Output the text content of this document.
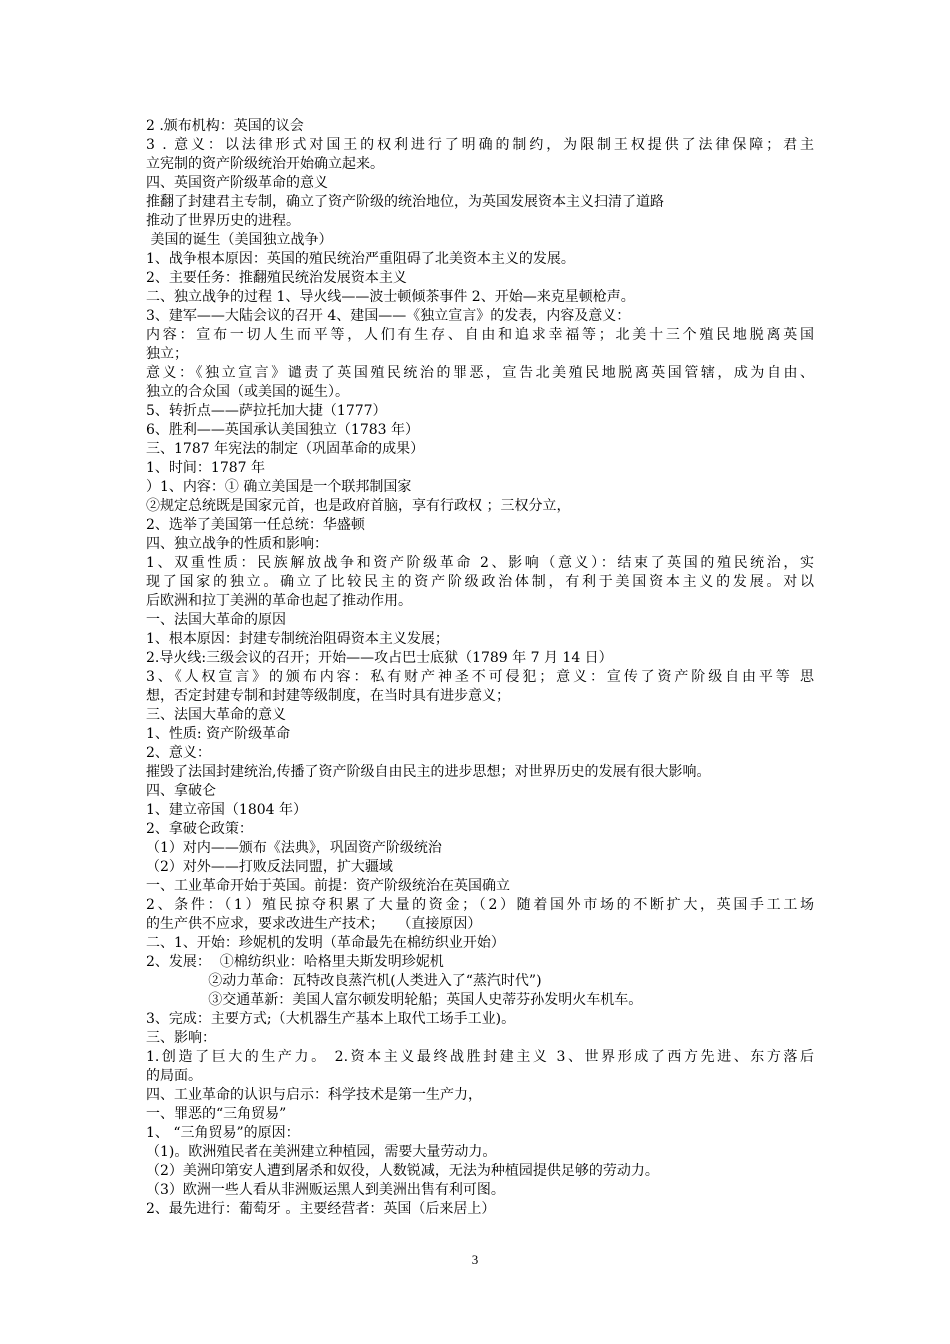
2 .颁布机构：英国的议会
3 . 意义：以法律形式对国王的权利进行了明确的制约，为限制王权提供了法律保障；君主
立宪制的资产阶级统治开始确立起来。
四、英国资产阶级革命的意义
推翻了封建君主专制，确立了资产阶级的统治地位，为英国发展资本主义扫清了道路
推动了世界历史的进程。
美国的诞生（美国独立战争）
1、战争根本原因：英国的殖民统治严重阻碍了北美资本主义的发展。
2、主要任务：推翻殖民统治发展资本主义
二、独立战争的过程 1、导火线——波士顿倾茶事件 2、开始—来克星顿枪声。
3、建军——大陆会议的召开 4、建国——《独立宣言》的发表，内容及意义：
内容：宣布一切人生而平等，人们有生存、自由和追求幸福等；北美十三个殖民地脱离英国
独立；
意义：《独立宣言》谴责了英国殖民统治的罪恶，宣告北美殖民地脱离英国管辖，成为自由、
独立的合众国（或美国的诞生）。
5、转折点——萨拉托加大捷（1777）
6、胜利——英国承认美国独立（1783 年）
三、1787 年宪法的制定（巩固革命的成果）
1、时间：1787 年
）1、内容：① 确立美国是一个联邦制国家
②规定总统既是国家元首，也是政府首脑，享有行政权 ；三权分立，
2、选举了美国第一任总统：华盛顿
四、独立战争的性质和影响：
1、双重性质：民族解放战争和资产阶级革命 2、影响（意义）：结束了英国的殖民统治，实
现了国家的独立。确立了比较民主的资产阶级政治体制，有利于美国资本主义的发展。对以
后欧洲和拉丁美洲的革命也起了推动作用。
一、法国大革命的原因
1、根本原因：封建专制统治阻碍资本主义发展；
2.导火线:三级会议的召开；开始——攻占巴士底狱（1789 年 7 月 14 日）
3、《人权宣言》的颁布内容：私有财产神圣不可侵犯；意义：宣传了资产阶级自由平等 思
想，否定封建专制和封建等级制度，在当时具有进步意义；
三、法国大革命的意义
1、性质: 资产阶级革命
2、意义：
摧毁了法国封建统治,传播了资产阶级自由民主的进步思想；对世界历史的发展有很大影响。
四、拿破仑
1、建立帝国（1804 年）
2、拿破仑政策：
（1）对内——颁布《法典》，巩固资产阶级统治
（2）对外——打败反法同盟，扩大疆域
一、工业革命开始于英国。前提：资产阶级统治在英国确立
2、条件：（1）殖民掠夺积累了大量的资金；（2）随着国外市场的不断扩大，英国手工工场
的生产供不应求，要求改进生产技术；   （直接原因）
二、1、开始：珍妮机的发明（革命最先在棉纺织业开始）
2、发展：  ①棉纺织业：哈格里夫斯发明珍妮机
②动力革命：瓦特改良蒸汽机(人类进入了“蒸汽时代”)
③交通革新：美国人富尔顿发明轮船；英国人史蒂芬孙发明火车机车。
3、完成：主要方式;（大机器生产基本上取代工场手工业)。
三、影响：
1.创造了巨大的生产力。 2.资本主义最终战胜封建主义 3、世界形成了西方先进、东方落后
的局面。
四、工业革命的认识与启示：科学技术是第一生产力，
一、罪恶的“三角贸易”
1、 “三角贸易”的原因：
（1)。欧洲殖民者在美洲建立种植园，需要大量劳动力。
（2）美洲印第安人遭到屠杀和奴役，人数锐减，无法为种植园提供足够的劳动力。
（3）欧洲一些人看从非洲贩运黑人到美洲出售有利可图。
2、最先进行：葡萄牙 。主要经营者：英国（后来居上）
3
